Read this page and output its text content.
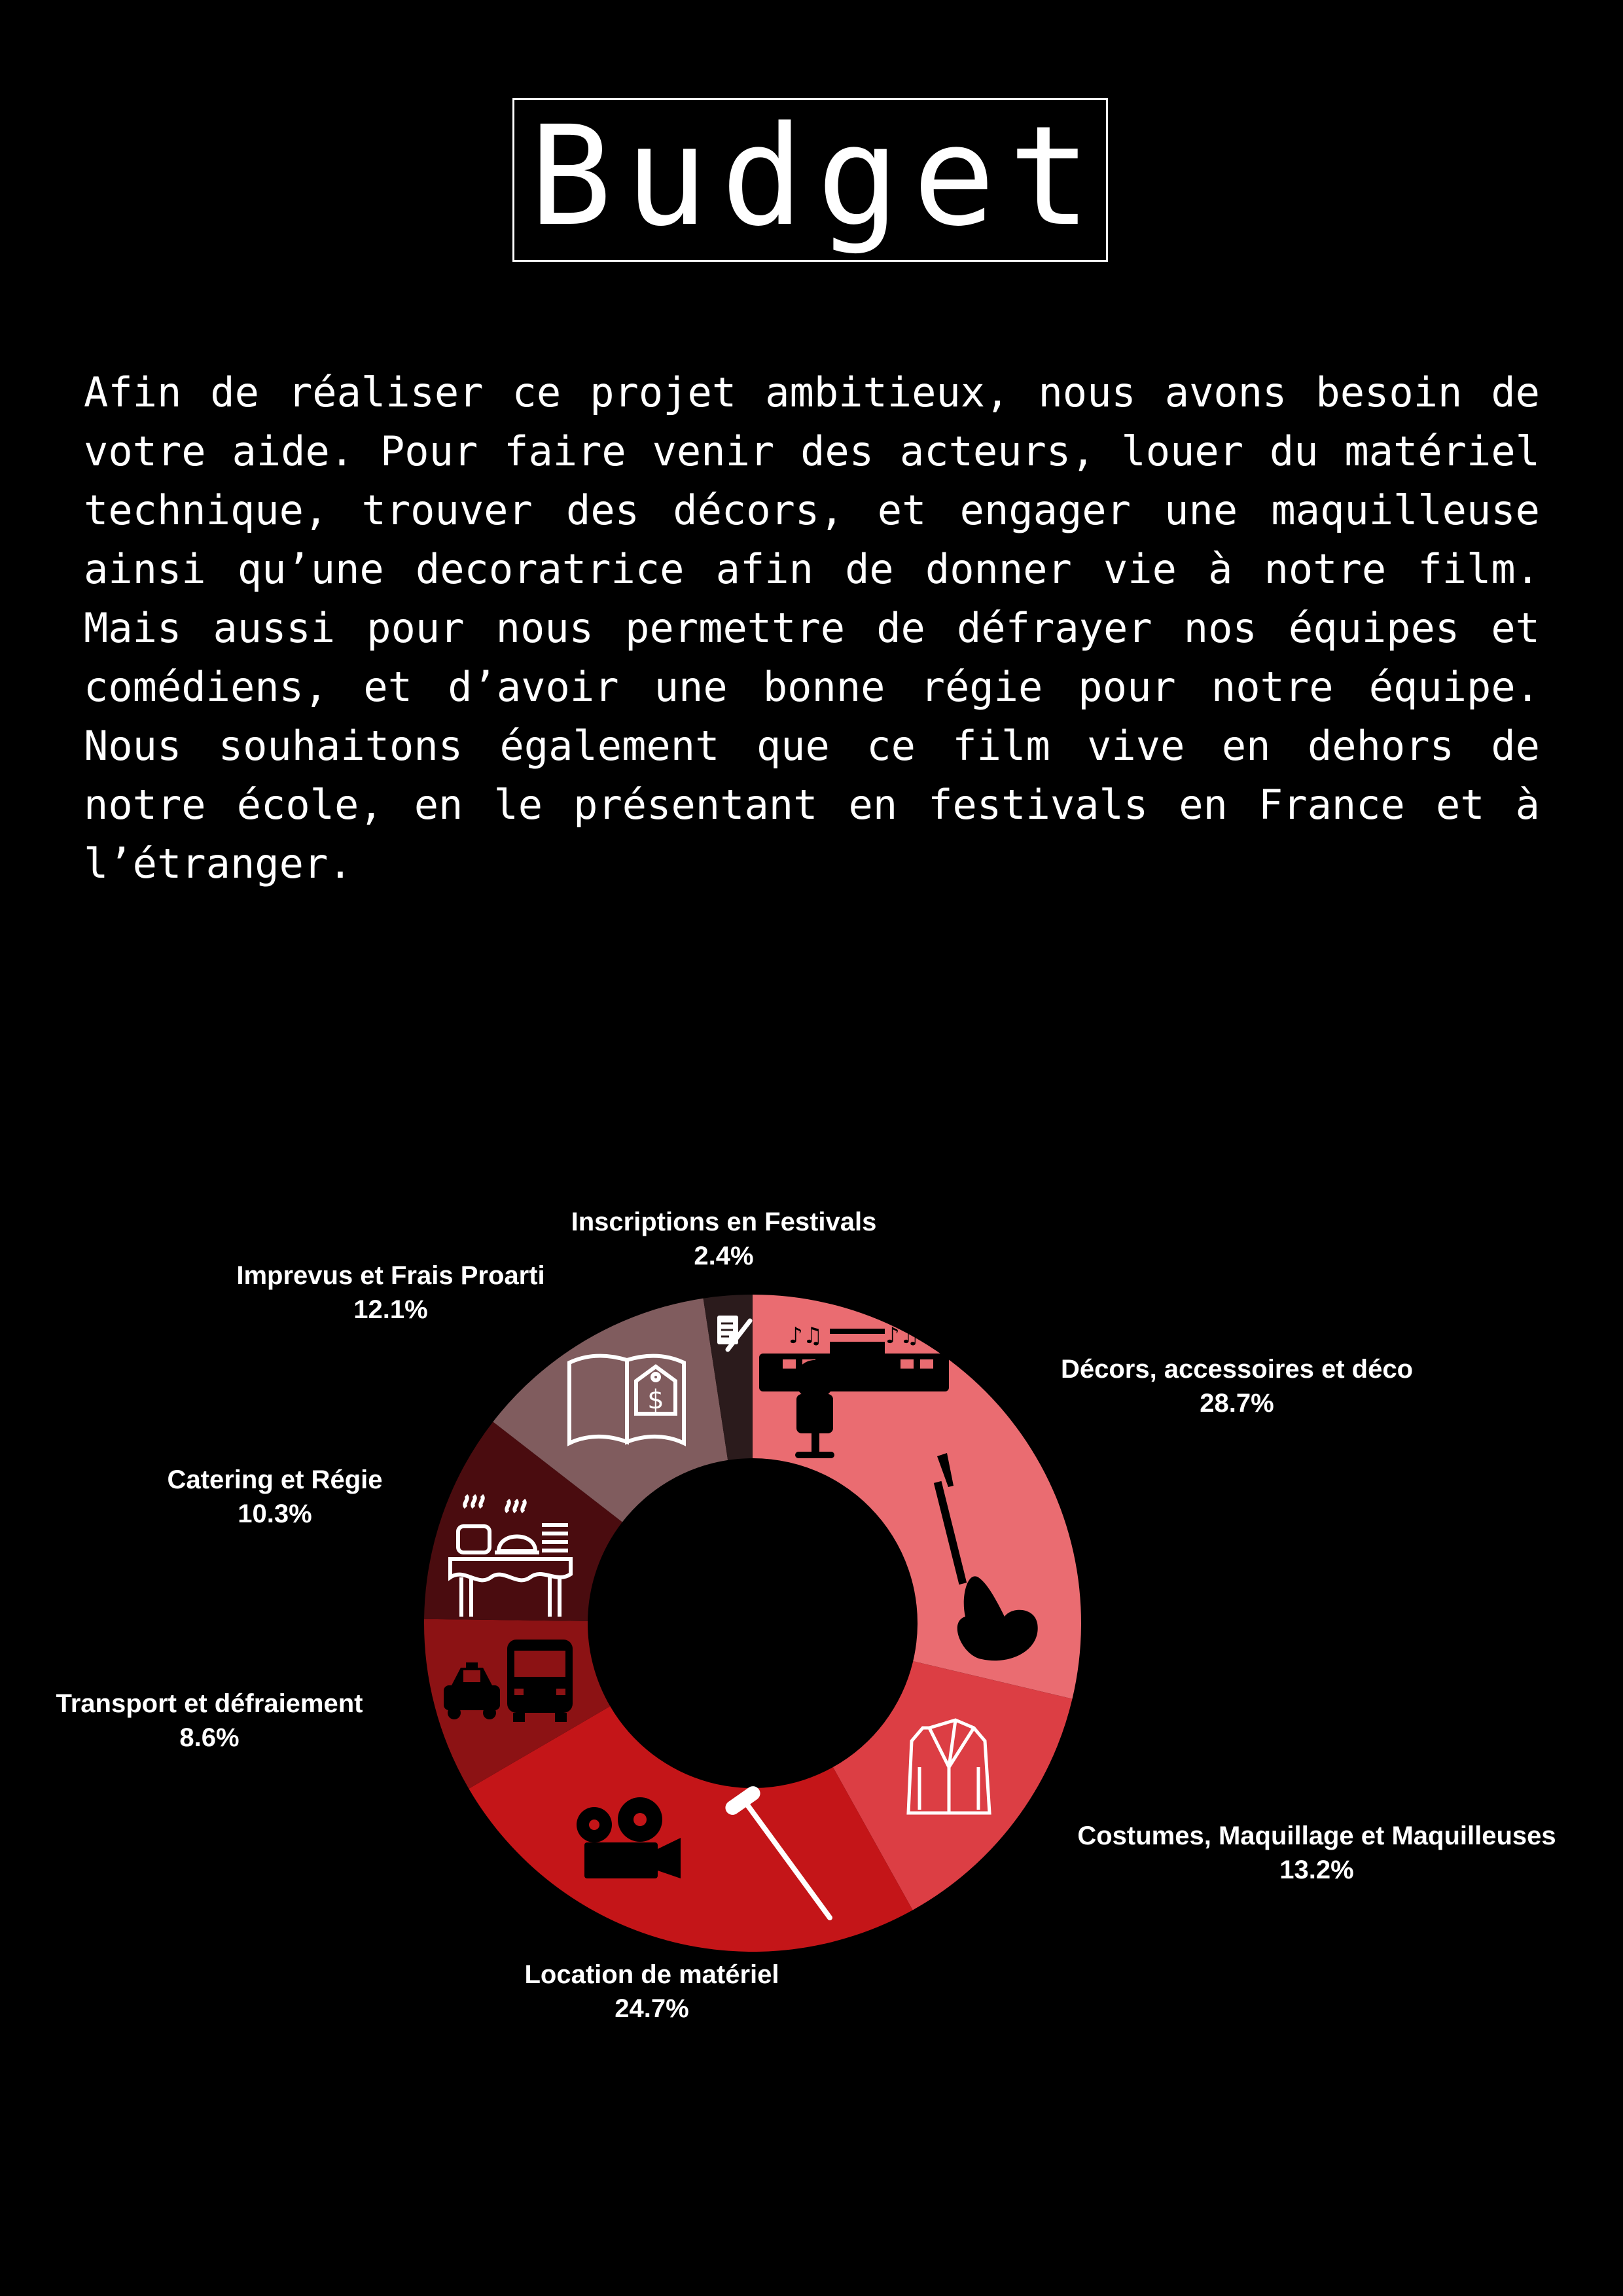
Budget

Afin de réaliser ce projet ambitieux, nous avons besoin de votre aide. Pour faire venir des acteurs, louer du matériel technique, trouver des décors, et engager une maquilleuse ainsi qu’une decoratrice afin de donner vie à notre film. Mais aussi pour nous permettre de défrayer nos équipes et comédiens, et d’avoir une bonne régie pour notre équipe. Nous souhaitons également que ce film vive en dehors de notre école, en le présentant en festivals en France et à l’étranger.

♪♫	♪♫
$
Décors, accessoires et déco
28.7%
Costumes, Maquillage et Maquilleuses
13.2%
Location de matériel
24.7%
Transport et défraiement
8.6%
Catering et Régie
10.3%
Imprevus et Frais Proarti
12.1%
Inscriptions en Festivals
2.4%
